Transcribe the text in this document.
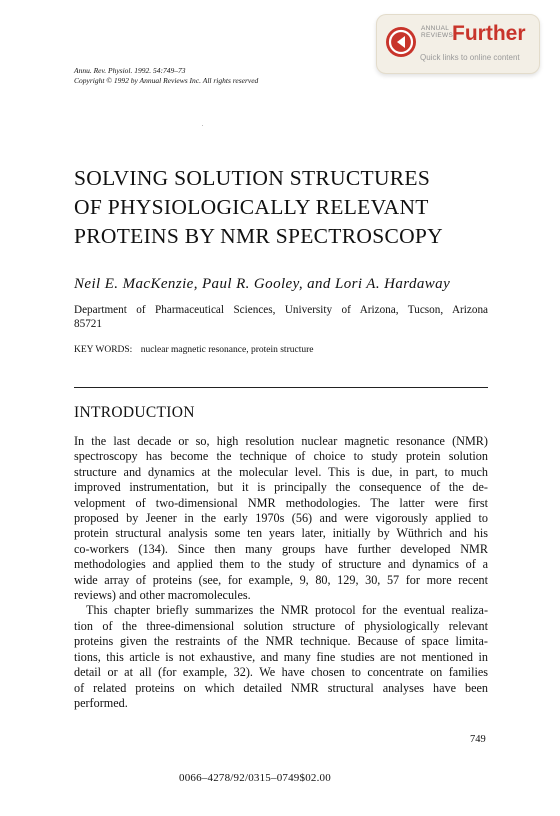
ANNUAL
REVIEWS
Further
Quick links to online content
Annu. Rev. Physiol. 1992. 54:749–73
Copyright © 1992 by Annual Reviews Inc. All rights reserved
SOLVING SOLUTION STRUCTURES
OF PHYSIOLOGICALLY RELEVANT
PROTEINS BY NMR SPECTROSCOPY
Neil E. MacKenzie, Paul R. Gooley, and Lori A. Hardaway
Department of Pharmaceutical Sciences, University of Arizona, Tucson, Arizona
85721
KEY WORDS: nuclear magnetic resonance, protein structure
INTRODUCTION
In the last decade or so, high resolution nuclear magnetic resonance (NMR)
spectroscopy has become the technique of choice to study protein solution
structure and dynamics at the molecular level. This is due, in part, to much
improved instrumentation, but it is principally the consequence of the de-
velopment of two-dimensional NMR methodologies. The latter were first
proposed by Jeener in the early 1970s (56) and were vigorously applied to
protein structural analysis some ten years later, initially by Wüthrich and his
co-workers (134). Since then many groups have further developed NMR
methodologies and applied them to the study of structure and dynamics of a
wide array of proteins (see, for example, 9, 80, 129, 30, 57 for more recent
reviews) and other macromolecules.
This chapter briefly summarizes the NMR protocol for the eventual realiza-
tion of the three-dimensional solution structure of physiologically relevant
proteins given the restraints of the NMR technique. Because of space limita-
tions, this article is not exhaustive, and many fine studies are not mentioned in
detail or at all (for example, 32). We have chosen to concentrate on families
of related proteins on which detailed NMR structural analyses have been
performed.
749
0066–4278/92/0315–0749$02.00
